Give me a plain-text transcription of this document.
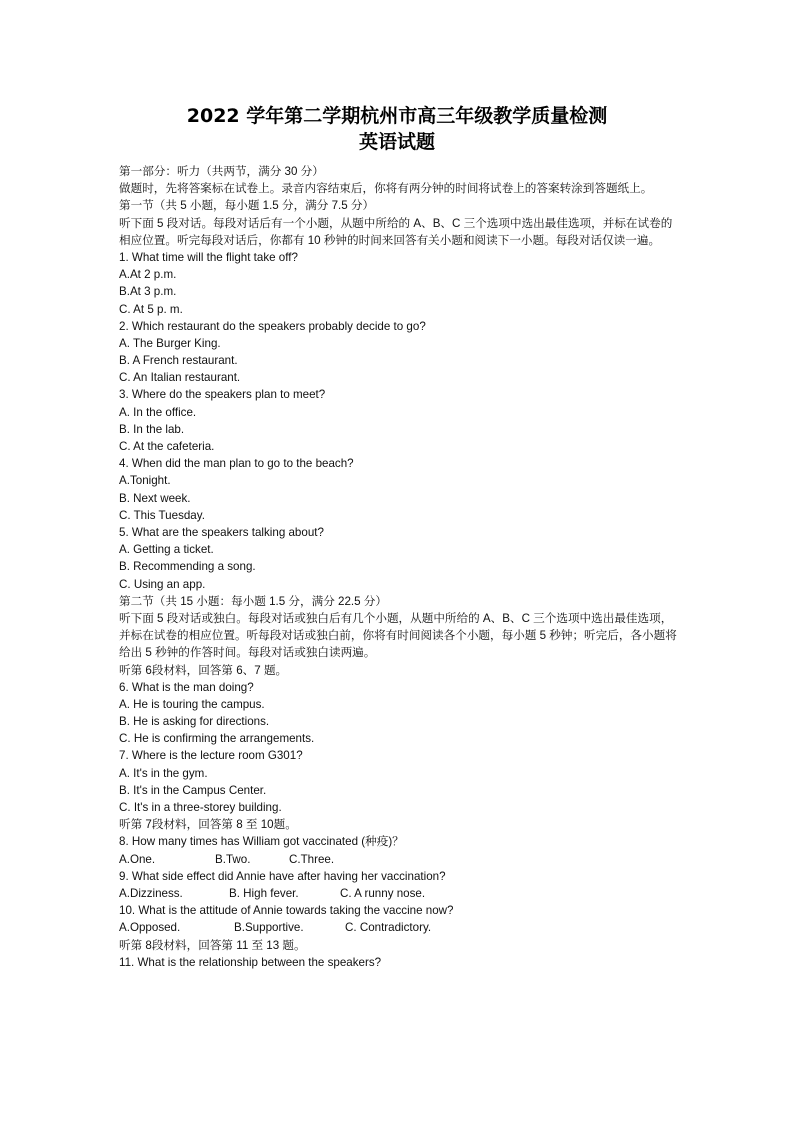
2022 学年第二学期杭州市高三年级教学质量检测
英语试题
第一部分：听力（共两节，满分 30 分）
做题时，先将答案标在试卷上。录音内容结束后，你将有两分钟的时间将试卷上的答案转涂到答题纸上。
第一节（共 5 小题，每小题 1.5 分，满分 7.5 分）
听下面 5 段对话。每段对话后有一个小题，从题中所给的 A、B、C 三个选项中选出最佳选项，并标在试卷的相应位置。听完每段对话后，你都有 10 秒钟的时间来回答有关小题和阅读下一小题。每段对话仅读一遍。
1. What time will the flight take off?
A.At 2 p.m.
B.At 3 p.m.
C. At 5 p. m.
2. Which restaurant do the speakers probably decide to go?
A. The Burger King.
B. A French restaurant.
C. An Italian restaurant.
3. Where do the speakers plan to meet?
A. In the office.
B. In the lab.
C. At the cafeteria.
4. When did the man plan to go to the beach?
A.Tonight.
B. Next week.
C. This Tuesday.
5. What are the speakers talking about?
A. Getting a ticket.
B. Recommending a song.
C. Using an app.
第二节（共 15 小题：每小题 1.5 分，满分 22.5 分）
听下面 5 段对话或独白。每段对话或独白后有几个小题，从题中所给的 A、B、C 三个选项中选出最佳选项，并标在试卷的相应位置。听每段对话或独白前，你将有时间阅读各个小题，每小题 5 秒钟；听完后，各小题将给出 5 秒钟的作答时间。每段对话或独白读两遍。
听第 6段材料，回答第 6、7 题。
6. What is the man doing?
A. He is touring the campus.
B. He is asking for directions.
C. He is confirming the arrangements.
7. Where is the lecture room G301?
A. It's in the gym.
B. It's in the Campus Center.
C. It's in a three-storey building.
听第 7段材料，回答第 8 至 10题。
8. How many times has William got vaccinated (种疫)？
A.One.	B.Two.	C.Three.
9. What side effect did Annie have after having her vaccination?
A.Dizziness.	B. High fever.	C. A runny nose.
10. What is the attitude of Annie towards taking the vaccine now?
A.Opposed.	B.Supportive.	C. Contradictory.
听第 8段材料，回答第 11 至 13 题。
11. What is the relationship between the speakers?
